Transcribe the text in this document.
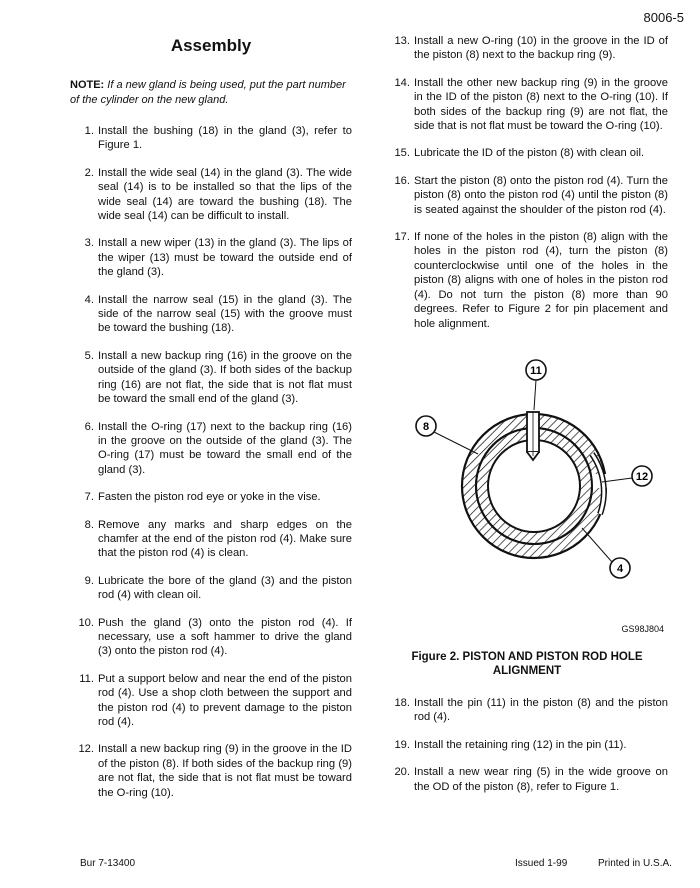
8006-5
Assembly
NOTE: If a new gland is being used, put the part number of the cylinder on the new gland.
1. Install the bushing (18) in the gland (3), refer to Figure 1.
2. Install the wide seal (14) in the gland (3). The wide seal (14) is to be installed so that the lips of the wide seal (14) are toward the bushing (18). The wide seal (14) can be difficult to install.
3. Install a new wiper (13) in the gland (3). The lips of the wiper (13) must be toward the outside end of the gland (3).
4. Install the narrow seal (15) in the gland (3). The side of the narrow seal (15) with the groove must be toward the bushing (18).
5. Install a new backup ring (16) in the groove on the outside of the gland (3). If both sides of the backup ring (16) are not flat, the side that is not flat must be toward the small end of the gland (3).
6. Install the O-ring (17) next to the backup ring (16) in the groove on the outside of the gland (3). The O-ring (17) must be toward the small end of the gland (3).
7. Fasten the piston rod eye or yoke in the vise.
8. Remove any marks and sharp edges on the chamfer at the end of the piston rod (4). Make sure that the piston rod (4) is clean.
9. Lubricate the bore of the gland (3) and the piston rod (4) with clean oil.
10. Push the gland (3) onto the piston rod (4). If necessary, use a soft hammer to drive the gland (3) onto the piston rod (4).
11. Put a support below and near the end of the piston rod (4). Use a shop cloth between the support and the piston rod (4) to prevent damage to the piston rod (4).
12. Install a new backup ring (9) in the groove in the ID of the piston (8). If both sides of the backup ring (9) are not flat, the side that is not flat must be toward the O-ring (10).
13. Install a new O-ring (10) in the groove in the ID of the piston (8) next to the backup ring (9).
14. Install the other new backup ring (9) in the groove in the ID of the piston (8) next to the O-ring (10). If both sides of the backup ring (9) are not flat, the side that is not flat must be toward the O-ring (10).
15. Lubricate the ID of the piston (8) with clean oil.
16. Start the piston (8) onto the piston rod (4). Turn the piston (8) onto the piston rod (4) until the piston (8) is seated against the shoulder of the piston rod (4).
17. If none of the holes in the piston (8) align with the holes in the piston rod (4), turn the piston (8) counterclockwise until one of the holes in the piston (8) aligns with one of holes in the piston rod (4). Do not turn the piston (8) more than 90 degrees. Refer to Figure 2 for pin placement and hole alignment.
11
8
12
4
GS98J804
Figure 2. PISTON AND PISTON ROD HOLE ALIGNMENT
18. Install the pin (11) in the piston (8) and the piston rod (4).
19. Install the retaining ring (12) in the pin (11).
20. Install a new wear ring (5) in the wide groove on the OD of the piston (8), refer to Figure 1.
Bur 7-13400	Issued 1-99	Printed in U.S.A.
